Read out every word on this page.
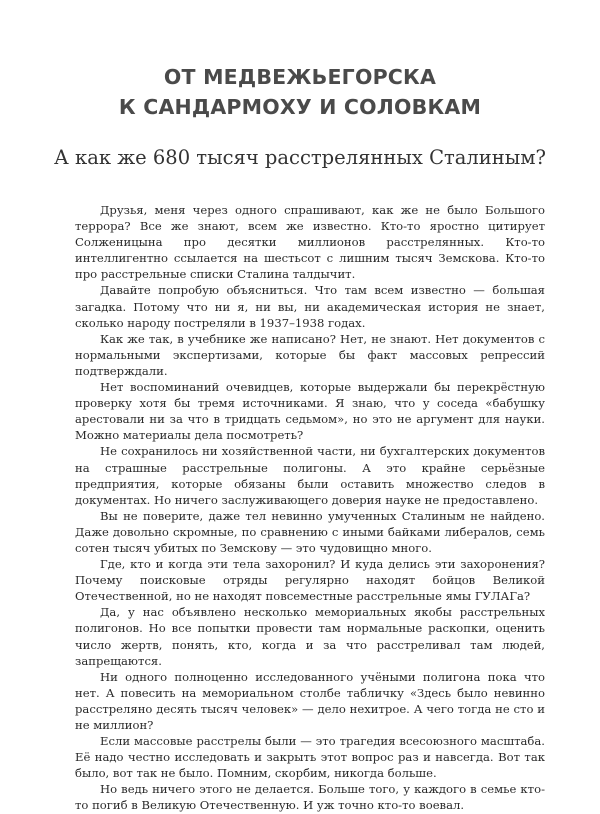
ОТ МЕДВЕЖЬЕГОРСКА
К САНДАРМОХУ И СОЛОВКАМ
А как же 680 тысяч расстрелянных Сталиным?

Друзья, меня через одного спрашивают, как же не было Большого террора? Все же знают, всем же известно. Кто-то яростно цитирует Солженицына про десятки миллионов расстрелянных. Кто-то интеллигентно ссылается на шестьсот с лишним тысяч Земскова. Кто-то про расстрельные списки Сталина талдычит.

Давайте попробую объясниться. Что там всем известно — большая загадка. Потому что ни я, ни вы, ни академическая история не знает, сколько народу постреляли в 1937–1938 годах.

Как же так, в учебнике же написано? Нет, не знают. Нет документов с нормальными экспертизами, которые бы факт массовых репрессий подтверждали.

Нет воспоминаний очевидцев, которые выдержали бы перекрёстную проверку хотя бы тремя источниками. Я знаю, что у соседа «бабушку арестовали ни за что в тридцать седьмом», но это не аргумент для науки. Можно материалы дела посмотреть?

Не сохранилось ни хозяйственной части, ни бухгалтерских документов на страшные расстрельные полигоны. А это крайне серьёзные предприятия, которые обязаны были оставить множество следов в документах. Но ничего заслуживающего доверия науке не предоставлено.

Вы не поверите, даже тел невинно умученных Сталиным не найдено. Даже довольно скромные, по сравнению с иными байками либералов, семь сотен тысяч убитых по Земскову — это чудовищно много.

Где, кто и когда эти тела захоронил? И куда делись эти захоронения? Почему поисковые отряды регулярно находят бойцов Великой Отечественной, но не находят повсеместные расстрельные ямы ГУЛАГа?

Да, у нас объявлено несколько мемориальных якобы расстрельных полигонов. Но все попытки провести там нормальные раскопки, оценить число жертв, понять, кто, когда и за что расстреливал там людей, запрещаются.

Ни одного полноценно исследованного учёными полигона пока что нет. А повесить на мемориальном столбе табличку «Здесь было невинно расстреляно десять тысяч человек» — дело нехитрое. А чего тогда не сто и не миллион?

Если массовые расстрелы были — это трагедия всесоюзного масштаба. Её надо честно исследовать и закрыть этот вопрос раз и навсегда. Вот так было, вот так не было. Помним, скорбим, никогда больше.

Но ведь ничего этого не делается. Больше того, у каждого в семье кто-то погиб в Великую Отечественную. И уж точно кто-то воевал.
